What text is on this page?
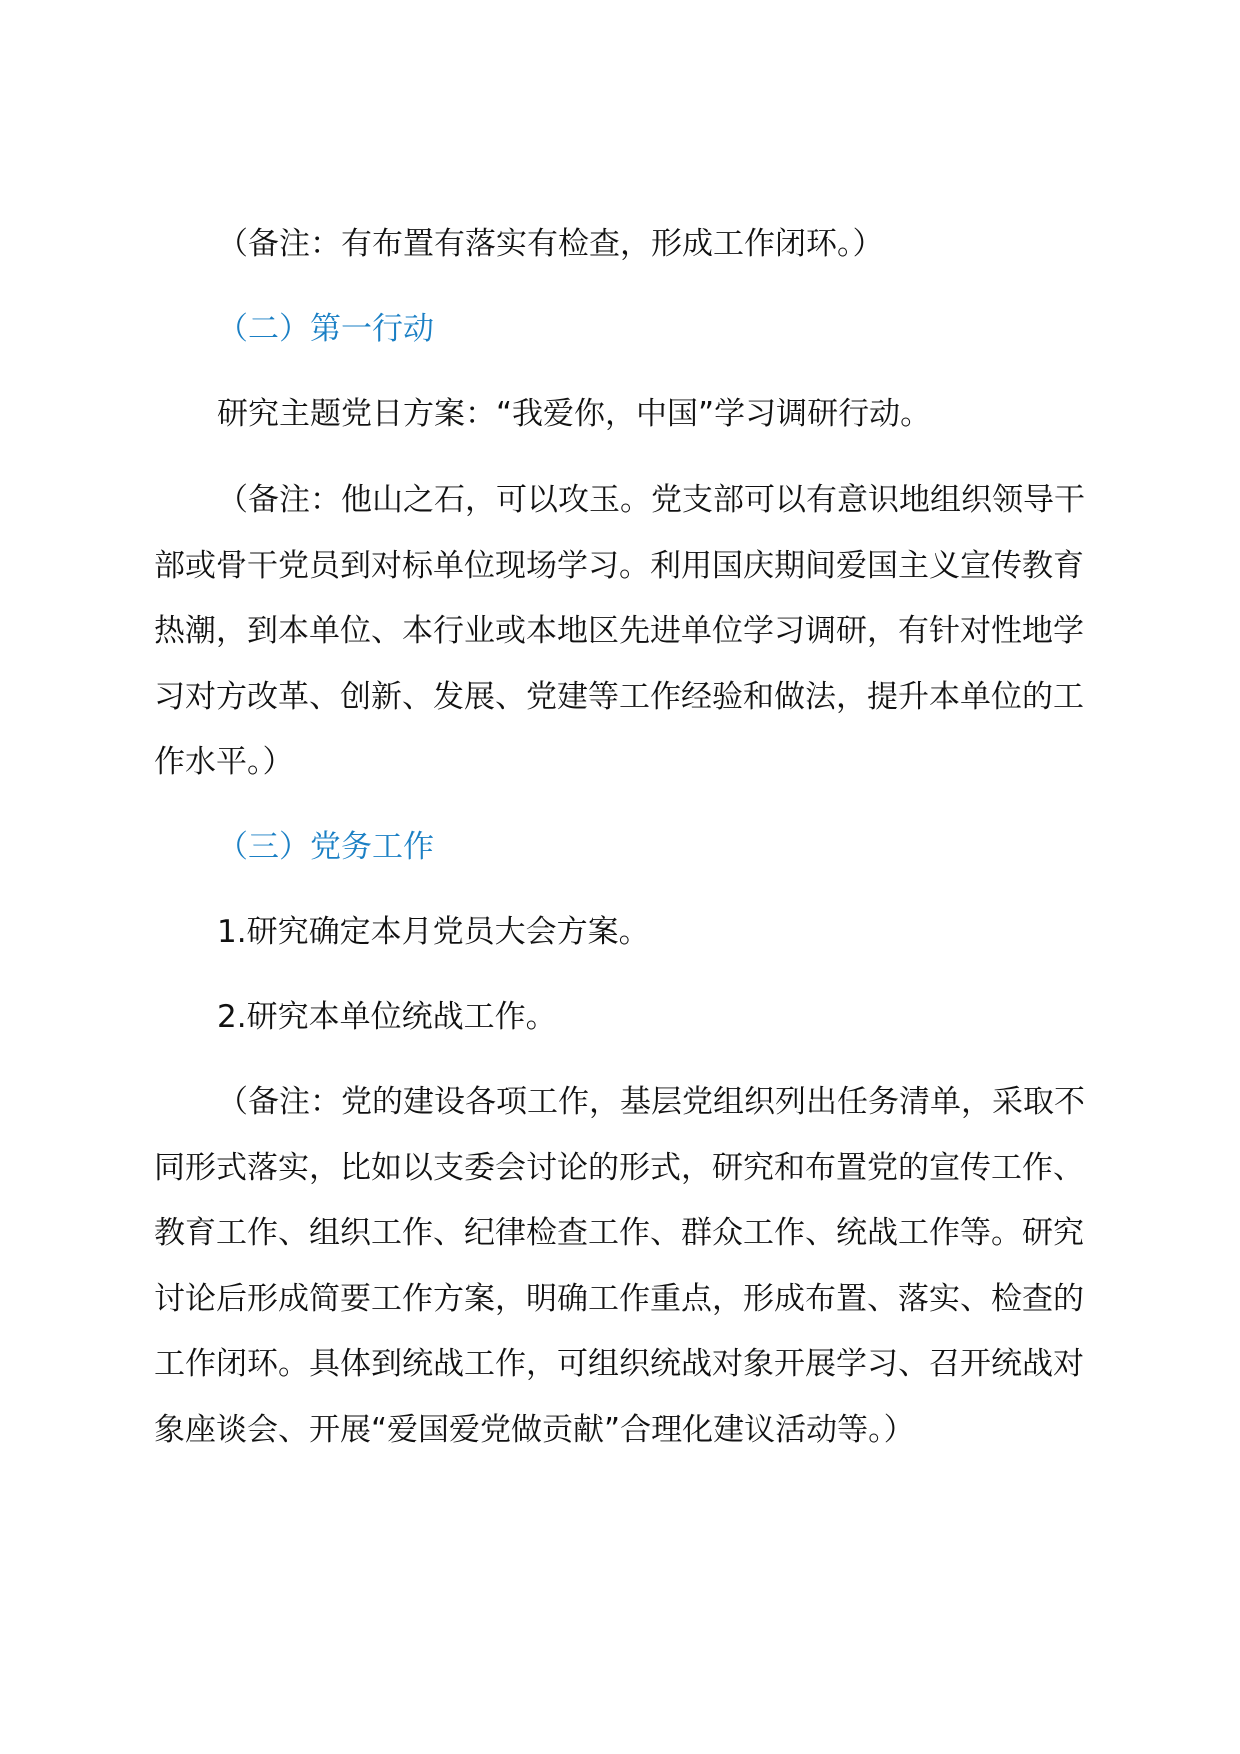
（备注：有布置有落实有检查，形成工作闭环。）

（二）第一行动

研究主题党日方案：“我爱你，中国”学习调研行动。

（备注：他山之石，可以攻玉。党支部可以有意识地组织领导干部或骨干党员到对标单位现场学习。利用国庆期间爱国主义宣传教育热潮，到本单位、本行业或本地区先进单位学习调研，有针对性地学习对方改革、创新、发展、党建等工作经验和做法，提升本单位的工作水平。）

（三）党务工作

1.研究确定本月党员大会方案。

2.研究本单位统战工作。

（备注：党的建设各项工作，基层党组织列出任务清单，采取不同形式落实，比如以支委会讨论的形式，研究和布置党的宣传工作、教育工作、组织工作、纪律检查工作、群众工作、统战工作等。研究讨论后形成简要工作方案，明确工作重点，形成布置、落实、检查的工作闭环。具体到统战工作，可组织统战对象开展学习、召开统战对象座谈会、开展“爱国爱党做贡献”合理化建议活动等。）
